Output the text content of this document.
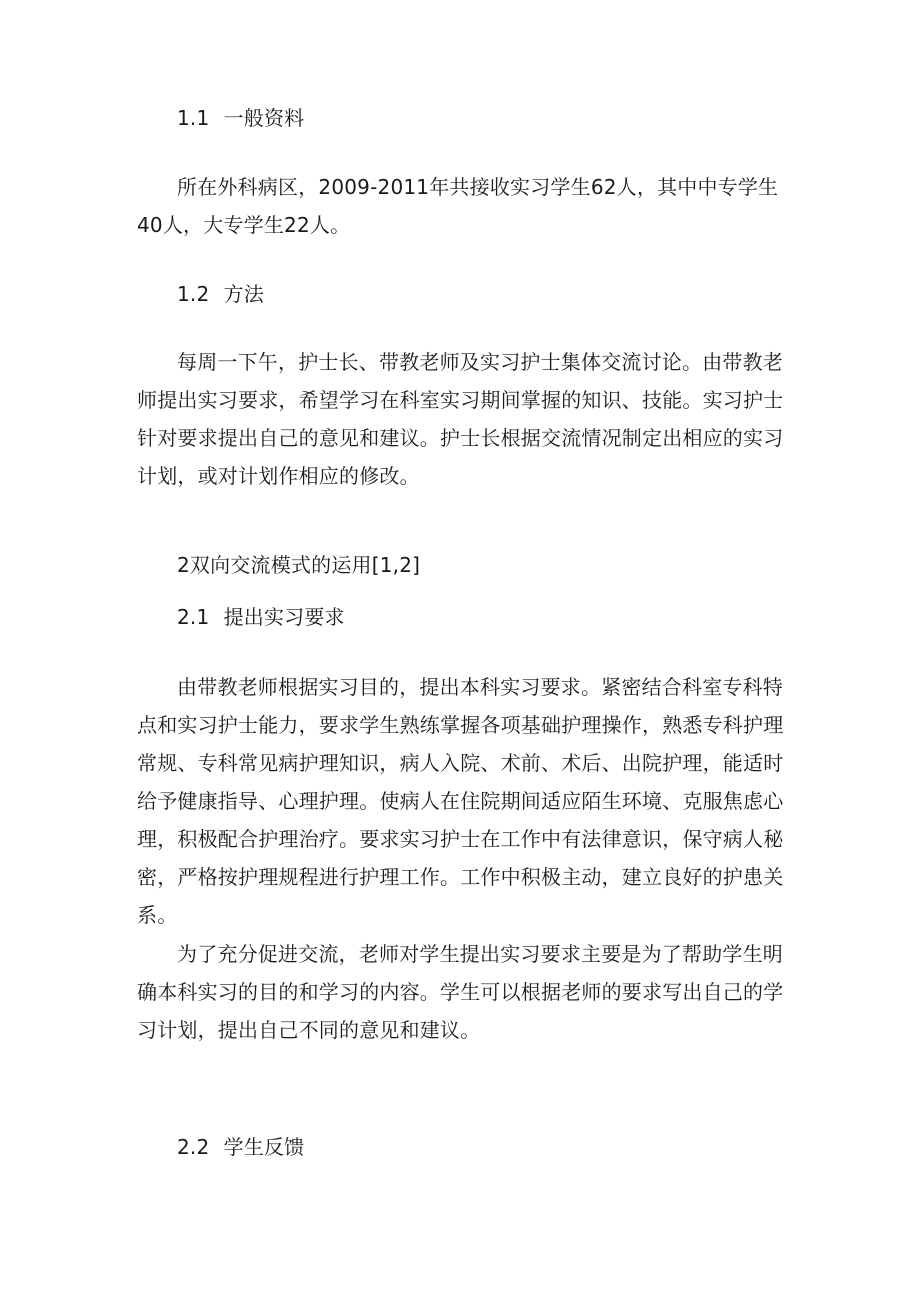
1.1 一般资料

所在外科病区，2009-2011年共接收实习学生62人，其中中专学生40人，大专学生22人。

1.2 方法

每周一下午，护士长、带教老师及实习护士集体交流讨论。由带教老师提出实习要求，希望学习在科室实习期间掌握的知识、技能。实习护士针对要求提出自己的意见和建议。护士长根据交流情况制定出相应的实习计划，或对计划作相应的修改。

2双向交流模式的运用[1,2]
2.1 提出实习要求

由带教老师根据实习目的，提出本科实习要求。紧密结合科室专科特点和实习护士能力，要求学生熟练掌握各项基础护理操作，熟悉专科护理常规、专科常见病护理知识，病人入院、术前、术后、出院护理，能适时给予健康指导、心理护理。使病人在住院期间适应陌生环境、克服焦虑心理，积极配合护理治疗。要求实习护士在工作中有法律意识，保守病人秘密，严格按护理规程进行护理工作。工作中积极主动，建立良好的护患关系。

为了充分促进交流，老师对学生提出实习要求主要是为了帮助学生明确本科实习的目的和学习的内容。学生可以根据老师的要求写出自己的学习计划，提出自己不同的意见和建议。

2.2 学生反馈
